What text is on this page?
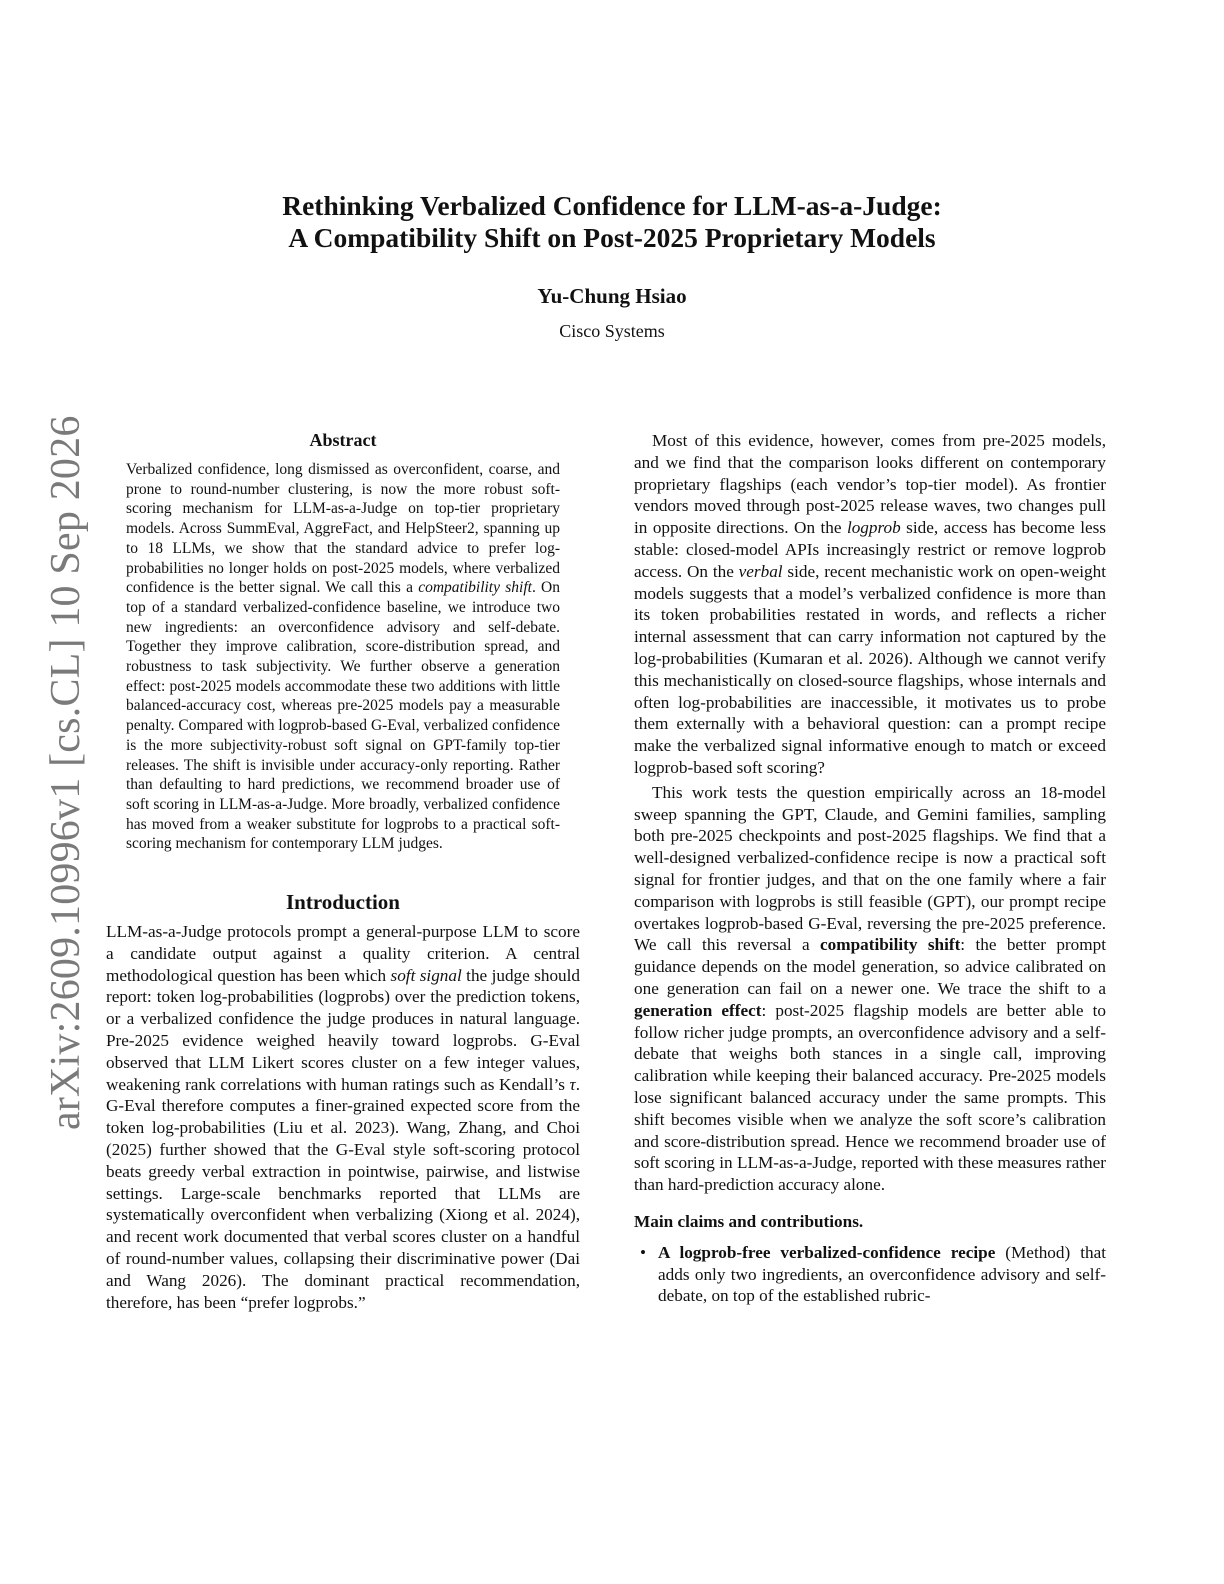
arXiv:2609.10996v1 [cs.CL] 10 Sep 2026
Rethinking Verbalized Confidence for LLM-as-a-Judge:
A Compatibility Shift on Post-2025 Proprietary Models
Yu-Chung Hsiao
Cisco Systems
Abstract
Verbalized confidence, long dismissed as overconfident, coarse, and prone to round-number clustering, is now the more robust soft-scoring mechanism for LLM-as-a-Judge on top-tier proprietary models. Across SummEval, AggreFact, and HelpSteer2, spanning up to 18 LLMs, we show that the standard advice to prefer log-probabilities no longer holds on post-2025 models, where verbalized confidence is the better signal. We call this a compatibility shift. On top of a standard verbalized-confidence baseline, we introduce two new ingredients: an overconfidence advisory and self-debate. Together they improve calibration, score-distribution spread, and robustness to task subjectivity. We further observe a generation effect: post-2025 models accommodate these two additions with little balanced-accuracy cost, whereas pre-2025 models pay a measurable penalty. Compared with logprob-based G-Eval, verbalized confidence is the more subjectivity-robust soft signal on GPT-family top-tier releases. The shift is invisible under accuracy-only reporting. Rather than defaulting to hard predictions, we recommend broader use of soft scoring in LLM-as-a-Judge. More broadly, verbalized confidence has moved from a weaker substitute for logprobs to a practical soft-scoring mechanism for contemporary LLM judges.
Introduction

LLM-as-a-Judge protocols prompt a general-purpose LLM to score a candidate output against a quality criterion. A central methodological question has been which soft signal the judge should report: token log-probabilities (logprobs) over the prediction tokens, or a verbalized confidence the judge produces in natural language. Pre-2025 evidence weighed heavily toward logprobs. G-Eval observed that LLM Likert scores cluster on a few integer values, weakening rank correlations with human ratings such as Kendall’s τ. G-Eval therefore computes a finer-grained expected score from the token log-probabilities (Liu et al. 2023). Wang, Zhang, and Choi (2025) further showed that the G-Eval style soft-scoring protocol beats greedy verbal extraction in pointwise, pairwise, and listwise settings. Large-scale benchmarks reported that LLMs are systematically overconfident when verbalizing (Xiong et al. 2024), and recent work documented that verbal scores cluster on a handful of round-number values, collapsing their discriminative power (Dai and Wang 2026). The dominant practical recommendation, therefore, has been “prefer logprobs.”

Most of this evidence, however, comes from pre-2025 models, and we find that the comparison looks different on contemporary proprietary flagships (each vendor’s top-tier model). As frontier vendors moved through post-2025 release waves, two changes pull in opposite directions. On the logprob side, access has become less stable: closed-model APIs increasingly restrict or remove logprob access. On the verbal side, recent mechanistic work on open-weight models suggests that a model’s verbalized confidence is more than its token probabilities restated in words, and reflects a richer internal assessment that can carry information not captured by the log-probabilities (Kumaran et al. 2026). Although we cannot verify this mechanistically on closed-source flagships, whose internals and often log-probabilities are inaccessible, it motivates us to probe them externally with a behavioral question: can a prompt recipe make the verbalized signal informative enough to match or exceed logprob-based soft scoring?

This work tests the question empirically across an 18-model sweep spanning the GPT, Claude, and Gemini families, sampling both pre-2025 checkpoints and post-2025 flagships. We find that a well-designed verbalized-confidence recipe is now a practical soft signal for frontier judges, and that on the one family where a fair comparison with logprobs is still feasible (GPT), our prompt recipe overtakes logprob-based G-Eval, reversing the pre-2025 preference. We call this reversal a compatibility shift: the better prompt guidance depends on the model generation, so advice calibrated on one generation can fail on a newer one. We trace the shift to a generation effect: post-2025 flagship models are better able to follow richer judge prompts, an overconfidence advisory and a self-debate that weighs both stances in a single call, improving calibration while keeping their balanced accuracy. Pre-2025 models lose significant balanced accuracy under the same prompts. This shift becomes visible when we analyze the soft score’s calibration and score-distribution spread. Hence we recommend broader use of soft scoring in LLM-as-a-Judge, reported with these measures rather than hard-prediction accuracy alone.

Main claims and contributions.
• A logprob-free verbalized-confidence recipe (Method) that adds only two ingredients, an overconfidence advisory and self-debate, on top of the established rubric-
